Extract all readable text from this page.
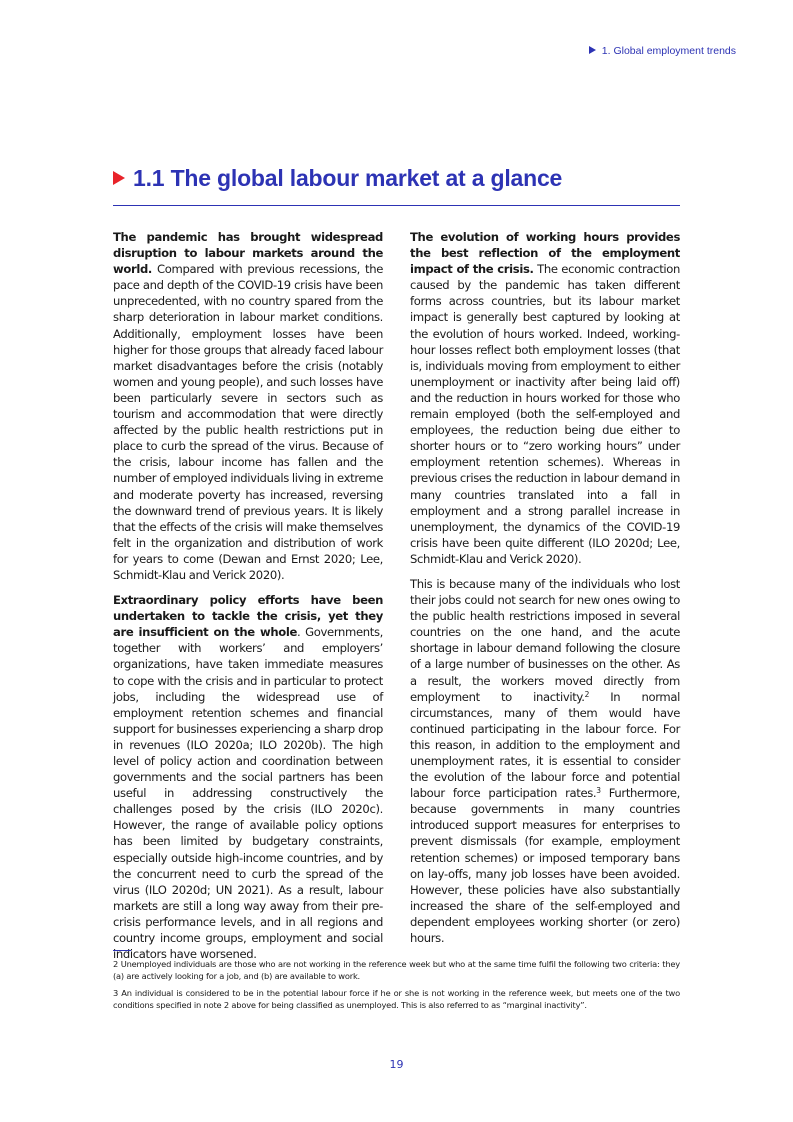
1. Global employment trends
1.1 The global labour market at a glance

The pandemic has brought widespread disruption to labour markets around the world. Compared with previous recessions, the pace and depth of the COVID-19 crisis have been unprecedented, with no country spared from the sharp deterioration in labour market conditions. Additionally, employment losses have been higher for those groups that already faced labour market disadvantages before the crisis (notably women and young people), and such losses have been particularly severe in sectors such as tourism and accommodation that were directly affected by the public health restrictions put in place to curb the spread of the virus. Because of the crisis, labour income has fallen and the number of employed individuals living in extreme and moderate poverty has increased, reversing the downward trend of previous years. It is likely that the effects of the crisis will make themselves felt in the organization and distribution of work for years to come (Dewan and Ernst 2020; Lee, Schmidt-Klau and Verick 2020).

Extraordinary policy efforts have been undertaken to tackle the crisis, yet they are insufficient on the whole. Governments, together with workers’ and employers’ organizations, have taken immediate measures to cope with the crisis and in particular to protect jobs, including the widespread use of employment retention schemes and financial support for businesses experiencing a sharp drop in revenues (ILO 2020a; ILO 2020b). The high level of policy action and coordination between governments and the social partners has been useful in addressing constructively the challenges posed by the crisis (ILO 2020c). However, the range of available policy options has been limited by budgetary constraints, especially outside high-income countries, and by the concurrent need to curb the spread of the virus (ILO 2020d; UN 2021). As a result, labour markets are still a long way away from their pre-crisis performance levels, and in all regions and country income groups, employment and social indicators have worsened.

The evolution of working hours provides the best reflection of the employment impact of the crisis. The economic contraction caused by the pandemic has taken different forms across countries, but its labour market impact is generally best captured by looking at the evolution of hours worked. Indeed, working-hour losses reflect both employment losses (that is, individuals moving from employment to either unemployment or inactivity after being laid off) and the reduction in hours worked for those who remain employed (both the self-employed and employees, the reduction being due either to shorter hours or to “zero working hours” under employment retention schemes). Whereas in previous crises the reduction in labour demand in many countries translated into a fall in employment and a strong parallel increase in unemployment, the dynamics of the COVID-19 crisis have been quite different (ILO 2020d; Lee, Schmidt-Klau and Verick 2020).

This is because many of the individuals who lost their jobs could not search for new ones owing to the public health restrictions imposed in several countries on the one hand, and the acute shortage in labour demand following the closure of a large number of businesses on the other. As a result, the workers moved directly from employment to inactivity.$^2$ In normal circumstances, many of them would have continued participating in the labour force. For this reason, in addition to the employment and unemployment rates, it is essential to consider the evolution of the labour force and potential labour force participation rates.$^3$ Furthermore, because governments in many countries introduced support measures for enterprises to prevent dismissals (for example, employment retention schemes) or imposed temporary bans on lay-offs, many job losses have been avoided. However, these policies have also substantially increased the share of the self-employed and dependent employees working shorter (or zero) hours.

2 Unemployed individuals are those who are not working in the reference week but who at the same time fulfil the following two criteria: they (a) are actively looking for a job, and (b) are available to work.

3 An individual is considered to be in the potential labour force if he or she is not working in the reference week, but meets one of the two conditions specified in note 2 above for being classified as unemployed. This is also referred to as “marginal inactivity”.

19
